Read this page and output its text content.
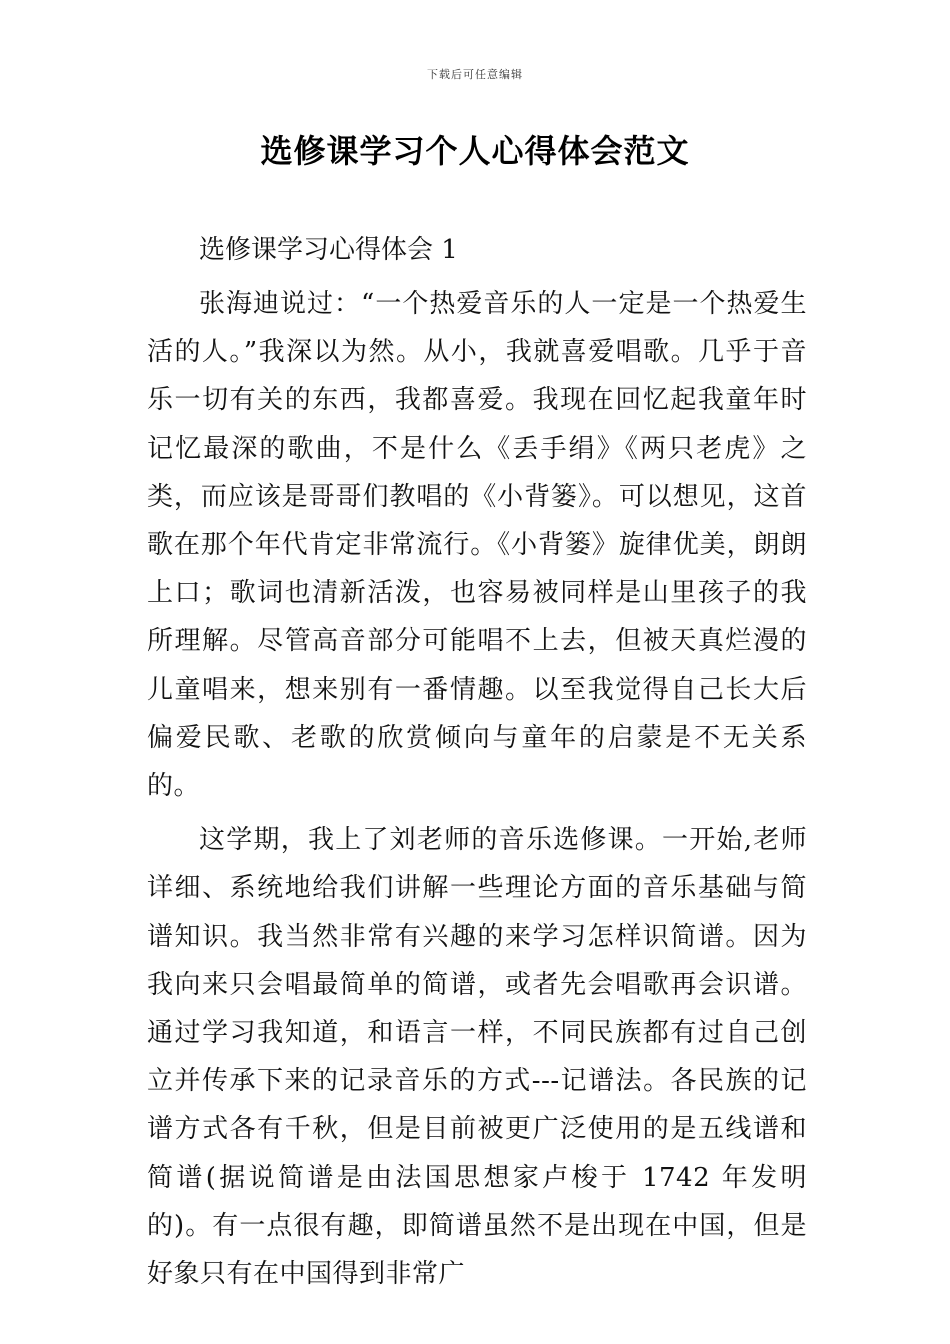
下载后可任意编辑
选修课学习个人心得体会范文

选修课学习心得体会 1

张海迪说过：“一个热爱音乐的人一定是一个热爱生活的人。”我深以为然。从小，我就喜爱唱歌。几乎于音乐一切有关的东西，我都喜爱。我现在回忆起我童年时记忆最深的歌曲，不是什么《丢手绢》《两只老虎》之类，而应该是哥哥们教唱的《小背篓》。可以想见，这首歌在那个年代肯定非常流行。《小背篓》旋律优美，朗朗上口；歌词也清新活泼，也容易被同样是山里孩子的我所理解。尽管高音部分可能唱不上去，但被天真烂漫的儿童唱来，想来别有一番情趣。以至我觉得自己长大后偏爱民歌、老歌的欣赏倾向与童年的启蒙是不无关系的。

这学期，我上了刘老师的音乐选修课。一开始,老师详细、系统地给我们讲解一些理论方面的音乐基础与简谱知识。我当然非常有兴趣的来学习怎样识简谱。因为我向来只会唱最简单的简谱，或者先会唱歌再会识谱。通过学习我知道，和语言一样，不同民族都有过自己创立并传承下来的记录音乐的方式---记谱法。各民族的记谱方式各有千秋，但是目前被更广泛使用的是五线谱和简谱(据说简谱是由法国思想家卢梭于 1742 年发明的)。有一点很有趣，即简谱虽然不是出现在中国，但是好象只有在中国得到非常广
